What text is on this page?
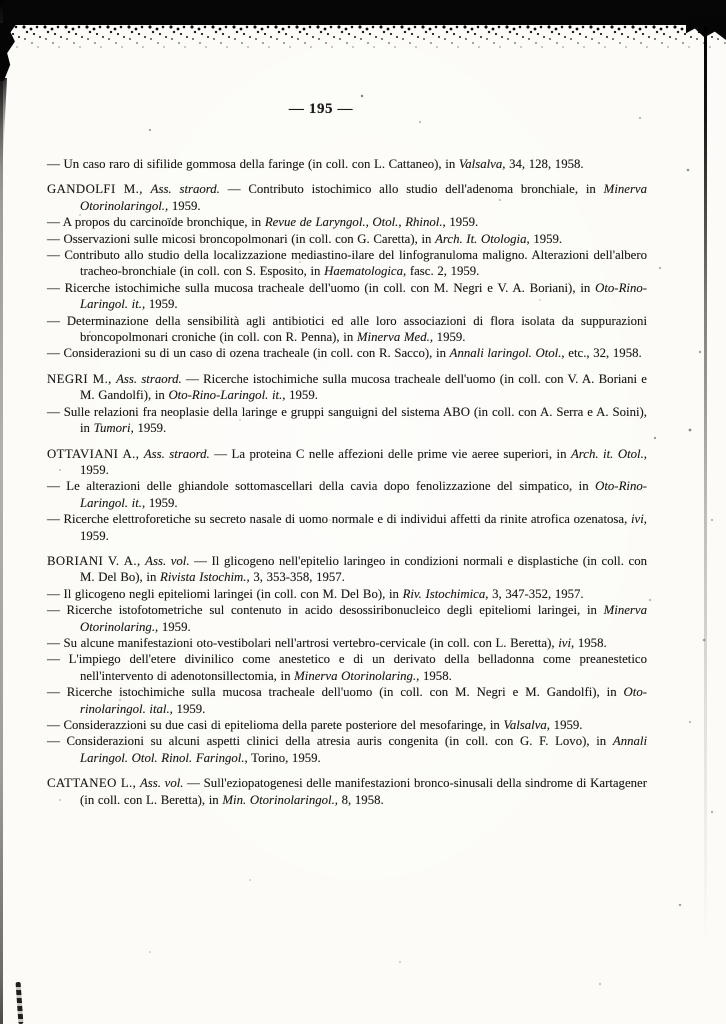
— 195 —

— Un caso raro di sifilide gommosa della faringe (in coll. con L. Cattaneo), in Valsalva, 34, 128, 1958.

GANDOLFI M., Ass. straord. — Contributo istochimico allo studio dell'adenoma bronchiale, in Minerva Otorinolaringol., 1959.

— A propos du carcinoïde bronchique, in Revue de Laryngol., Otol., Rhinol., 1959.

— Osservazioni sulle micosi broncopolmonari (in coll. con G. Caretta), in Arch. It. Otologia, 1959.

— Contributo allo studio della localizzazione mediastino-ilare del linfogranuloma maligno. Alterazioni dell'albero tracheo-bronchiale (in coll. con S. Esposito, in Haematologica, fasc. 2, 1959.

— Ricerche istochimiche sulla mucosa tracheale dell'uomo (in coll. con M. Negri e V. A. Boriani), in Oto-Rino-Laringol. it., 1959.

— Determinazione della sensibilità agli antibiotici ed alle loro associazioni di flora isolata da suppurazioni broncopolmonari croniche (in coll. con R. Penna), in Minerva Med., 1959.

— Considerazioni su di un caso di ozena tracheale (in coll. con R. Sacco), in Annali laringol. Otol., etc., 32, 1958.

NEGRI M., Ass. straord. — Ricerche istochimiche sulla mucosa tracheale dell'uomo (in coll. con V. A. Boriani e M. Gandolfi), in Oto-Rino-Laringol. it., 1959.

— Sulle relazioni fra neoplasie della laringe e gruppi sanguigni del sistema ABO (in coll. con A. Serra e A. Soini), in Tumori, 1959.

OTTAVIANI A., Ass. straord. — La proteina C nelle affezioni delle prime vie aeree superiori, in Arch. it. Otol., 1959.

— Le alterazioni delle ghiandole sottomascellari della cavia dopo fenolizzazione del simpatico, in Oto-Rino-Laringol. it., 1959.

— Ricerche elettroforetiche su secreto nasale di uomo normale e di individui affetti da rinite atrofica ozenatosa, ivi, 1959.

BORIANI V. A., Ass. vol. — Il glicogeno nell'epitelio laringeo in condizioni normali e displastiche (in coll. con M. Del Bo), in Rivista Istochim., 3, 353-358, 1957.

— Il glicogeno negli epiteliomi laringei (in coll. con M. Del Bo), in Riv. Istochimica, 3, 347-352, 1957.

— Ricerche istofotometriche sul contenuto in acido desossiribonucleico degli epiteliomi laringei, in Minerva Otorinolaring., 1959.

— Su alcune manifestazioni oto-vestibolari nell'artrosi vertebro-cervicale (in coll. con L. Beretta), ivi, 1958.

— L'impiego dell'etere divinilico come anestetico e di un derivato della belladonna come preanestetico nell'intervento di adenotonsillectomia, in Minerva Otorinolaring., 1958.

— Ricerche istochimiche sulla mucosa tracheale dell'uomo (in coll. con M. Negri e M. Gandolfi), in Oto-rinolaringol. ital., 1959.

— Considerazzioni su due casi di epitelioma della parete posteriore del mesofaringe, in Valsalva, 1959.

— Considerazioni su alcuni aspetti clinici della atresia auris congenita (in coll. con G. F. Lovo), in Annali Laringol. Otol. Rinol. Faringol., Torino, 1959.

CATTANEO L., Ass. vol. — Sull'eziopatogenesi delle manifestazioni bronco-sinusali della sindrome di Kartagener (in coll. con L. Beretta), in Min. Otorinolaringol., 8, 1958.
